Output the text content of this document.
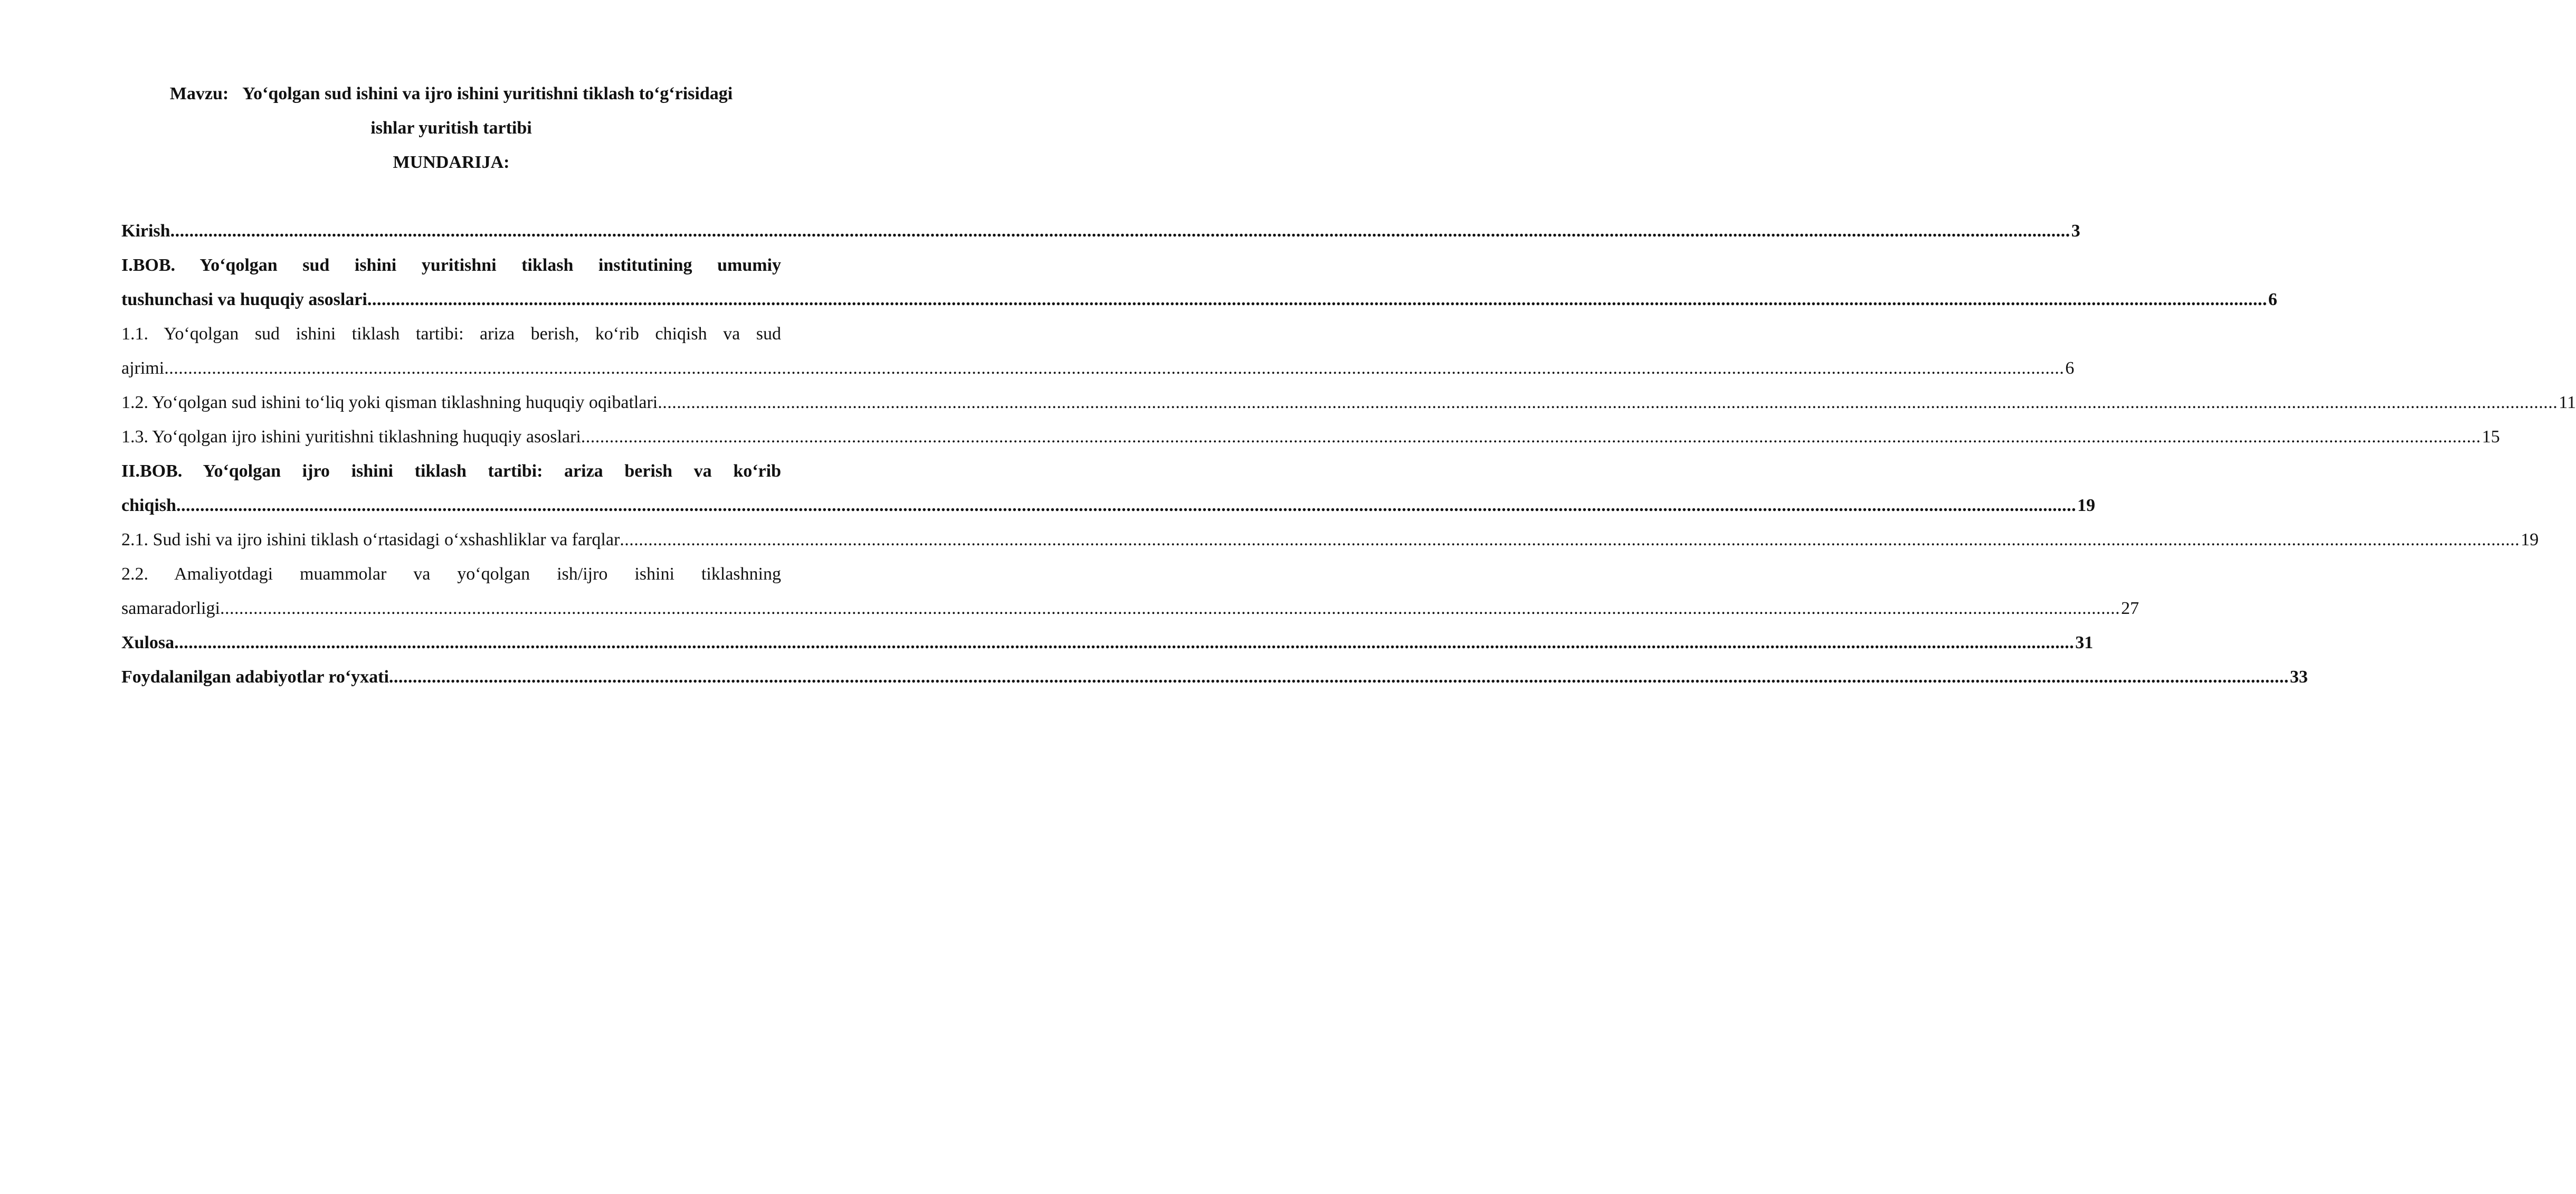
Mavzu: Yo‘qolgan sud ishini va ijro ishini yuritishni tiklash to‘g‘risidagi
ishlar yuritish tartibi
MUNDARIJA:
Kirish ................................................................................................................................................................................................................................................................................................................................................................................................................ 3
I.BOB. Yo‘qolgan sud ishini yuritishni tiklash institutining umumiy
tushunchasi va huquqiy asoslari ................................................................................................................................................................................................................................................................................................................................................................................................................ 6
1.1. Yo‘qolgan sud ishini tiklash tartibi: ariza berish, ko‘rib chiqish va sud
ajrimi ................................................................................................................................................................................................................................................................................................................................................................................................................ 6
1.2. Yo‘qolgan sud ishini to‘liq yoki qisman tiklashning huquqiy oqibatlari ................................................................................................................................................................................................................................................................................................................................................................................................................ 11
1.3. Yo‘qolgan ijro ishini yuritishni tiklashning huquqiy asoslari ................................................................................................................................................................................................................................................................................................................................................................................................................ 15
II.BOB. Yo‘qolgan ijro ishini tiklash tartibi: ariza berish va ko‘rib
chiqish ................................................................................................................................................................................................................................................................................................................................................................................................................ 19
2.1. Sud ishi va ijro ishini tiklash o‘rtasidagi o‘xshashliklar va farqlar ................................................................................................................................................................................................................................................................................................................................................................................................................ 19
2.2. Amaliyotdagi muammolar va yo‘qolgan ish/ijro ishini tiklashning
samaradorligi ................................................................................................................................................................................................................................................................................................................................................................................................................ 27
Xulosa ................................................................................................................................................................................................................................................................................................................................................................................................................ 31
Foydalanilgan adabiyotlar ro‘yxati ................................................................................................................................................................................................................................................................................................................................................................................................................ 33
